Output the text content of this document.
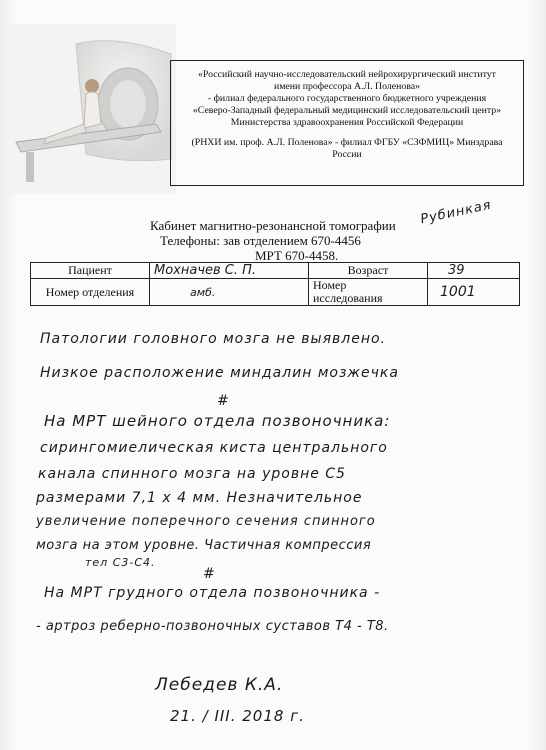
«Российский научно-исследовательский нейрохирургический институт

имени профессора А.Л. Поленова»

- филиал федерального государственного бюджетного учреждения

«Северо-Западный федеральный медицинский исследовательский центр»

Министерства здравоохранения Российской Федерации

(РНХИ им. проф. А.Л. Поленова» - филиал ФГБУ «СЗФМИЦ» Минздрава

России

Кабинет магнитно-резонансной томографии
Телефоны: зав отделением 670-4456
МРТ 670-4458.
Рубинкая
Пациент	Мохначев С. П.	Возраст	39
Номер отделения	амб.	Номер
исследования	1001
Патологии головного мозга не выявлено.
Низкое расположение миндалин мозжечка
#
На МРТ шейного отдела позвоночника:
сирингомиелическая киста центрального
канала спинного мозга на уровне С5
размерами 7,1 х 4 мм. Незначительное
увеличение поперечного сечения спинного
мозга на этом уровне. Частичная компрессия
тел С3-С4.
#
На МРТ грудного отдела позвоночника -
- артроз реберно-позвоночных суставов Т4 - Т8.
Лебедев К.А.
21. / III. 2018 г.
